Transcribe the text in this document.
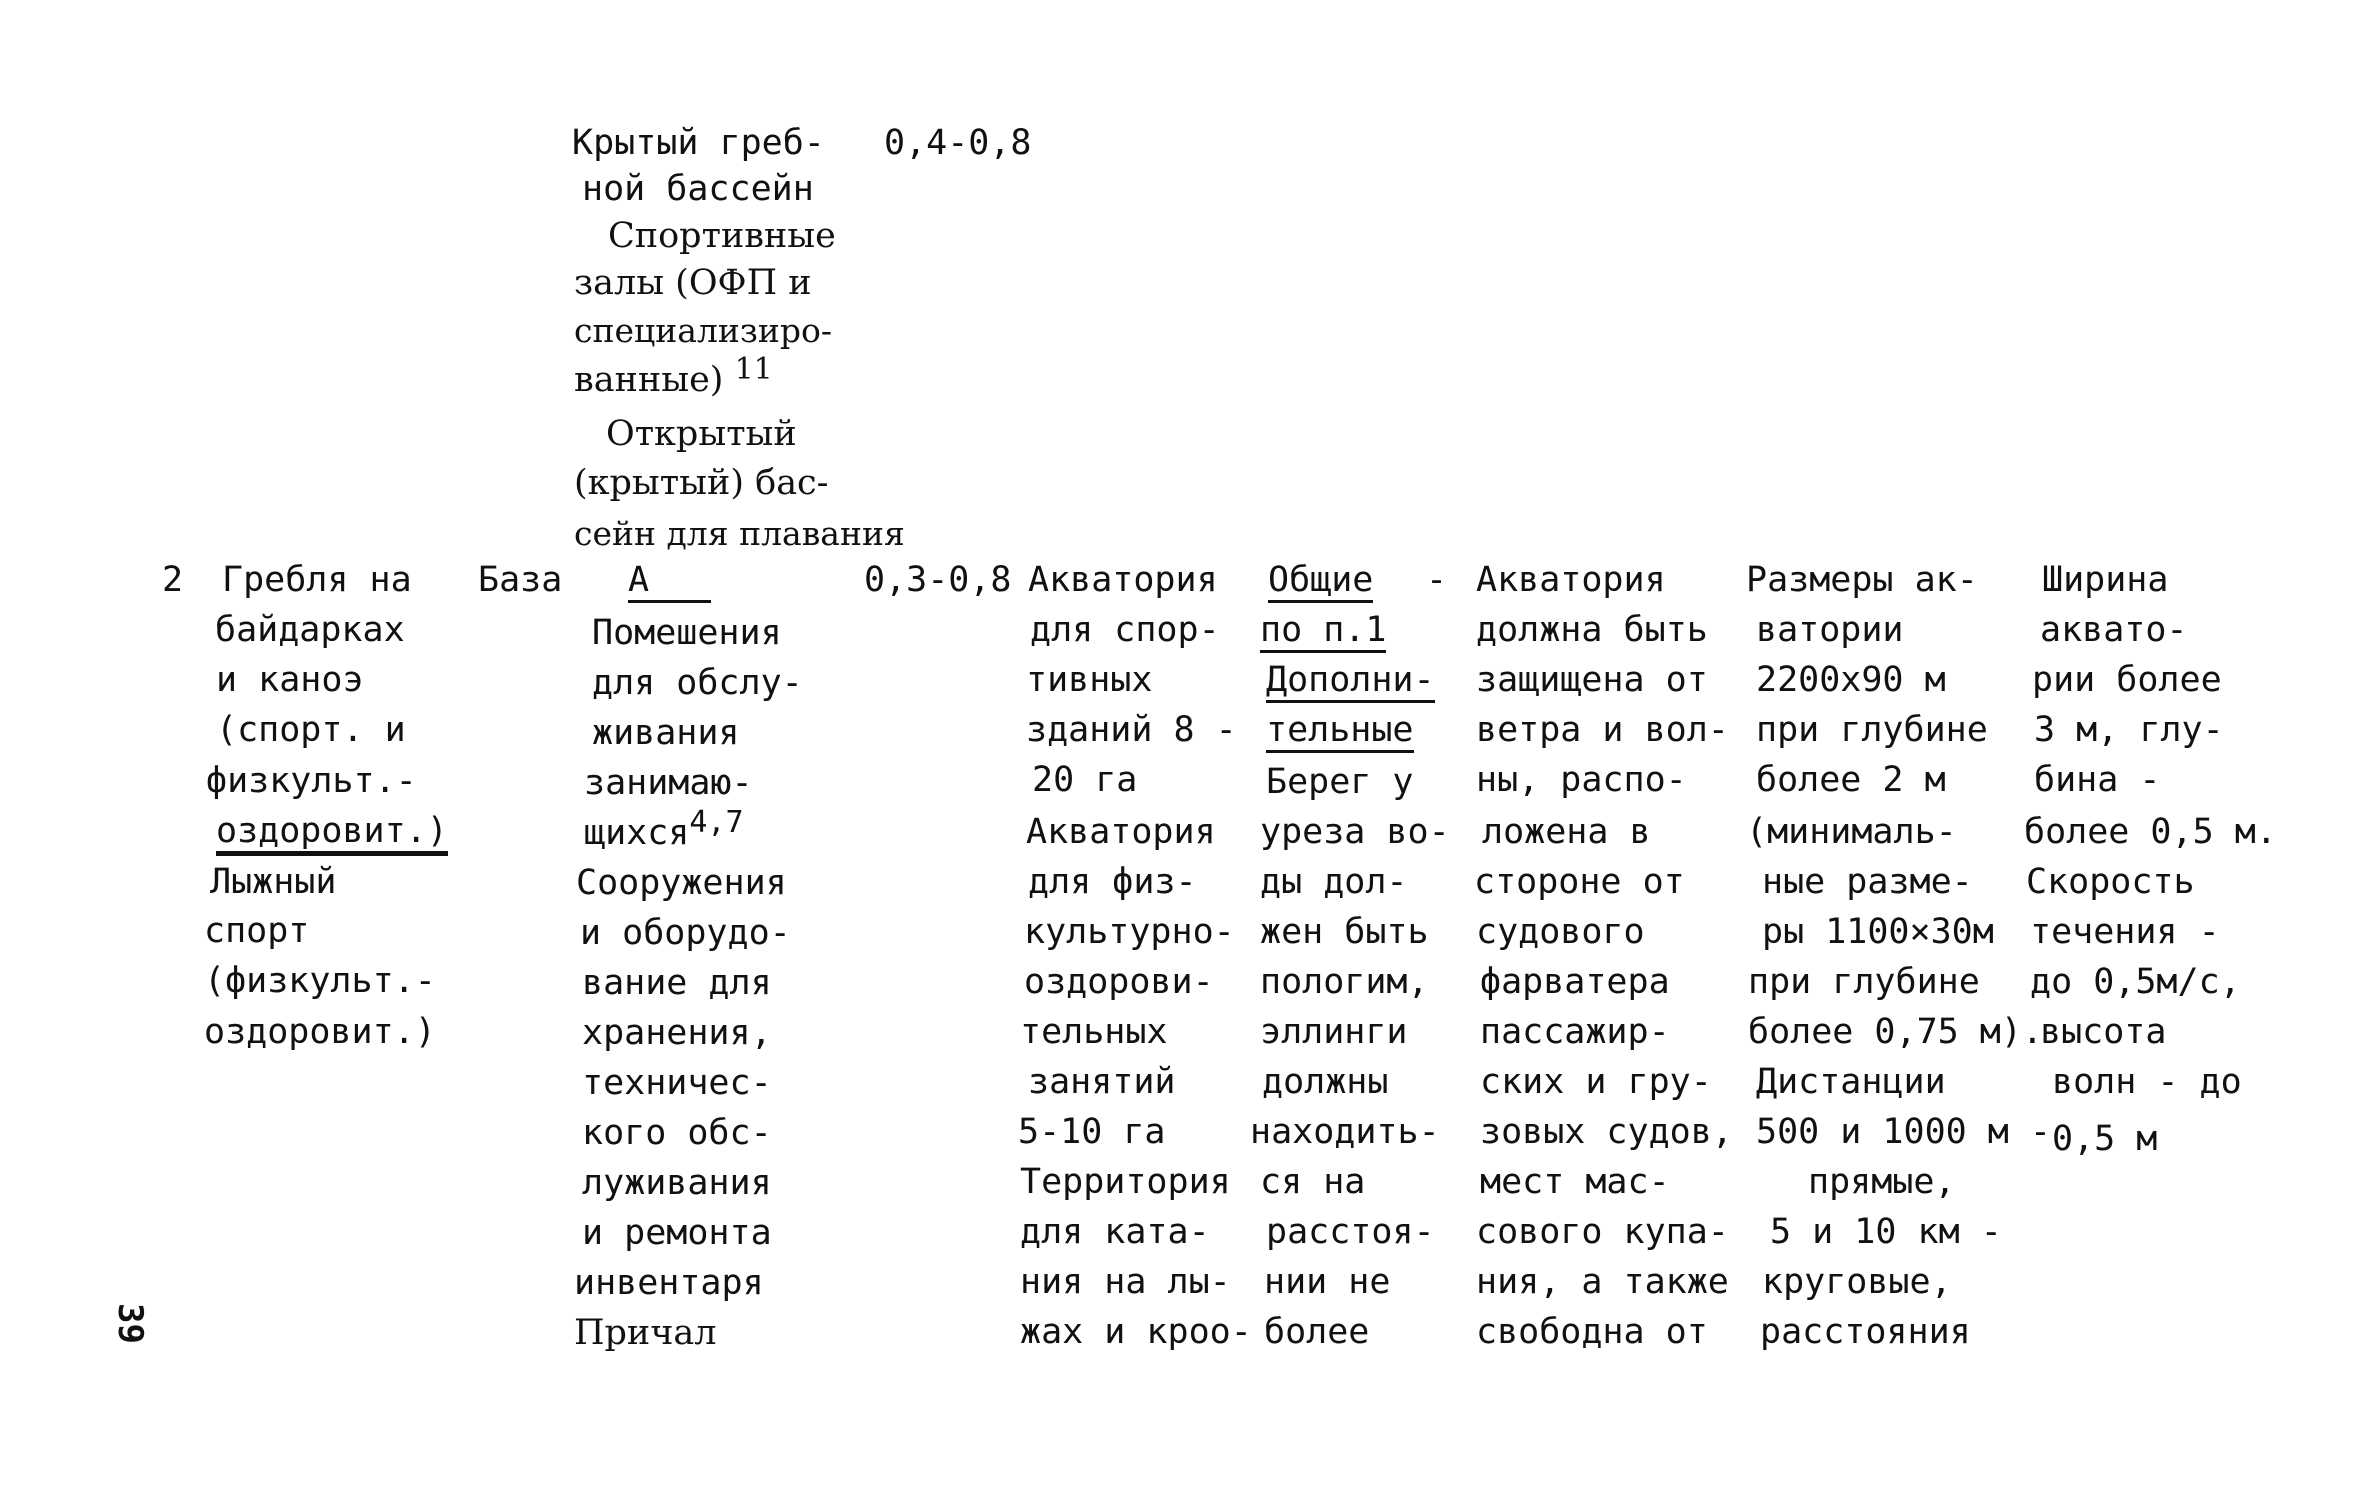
Крытый греб-
ной бассейн
Спортивные
залы (ОФП и
специализиро-
ванные) 11
Открытый
(крытый) бас-
сейн для плавания
0,4-0,8
2 Гребля на
байдарках
и каноэ
(спорт. и
физкульт.-
оздоровит.)
Лыжный
спорт
(физкульт.-
оздоровит.)
База А
Помешения
для обслу-
живания
занимаю-
щихся4,7
Сооружения
и оборудо-
вание для
хранения,
техничес-
кого обс-
луживания
и ремонта
инвентаря
Причал
0,3-0,8 Акватория
для спор-
тивных
зданий 8 -
20 га
Акватория
для физ-
культурно-
оздорови-
тельных
занятий
5-10 га
Территория
для ката-
ния на лы-
жах и кроо-
Общие -
по п.1
Дополни-
тельные
Берег у
уреза во-
ды дол-
жен быть
пологим,
эллинги
должны
находить-
ся на
расстоя-
нии не
более
Акватория
должна быть
защищена от
ветра и вол-
ны, распо-
ложена в
стороне от
судового
фарватера
пассажир-
ских и гру-
зовых судов,
мест мас-
сового купа-
ния, а также
свободна от
Размеры ак-
ватории
2200х90 м
при глубине
более 2 м
(минималь-
ные разме-
ры 1100×30м
при глубине
более 0,75 м).
Дистанции
500 и 1000 м -
прямые,
5 и 10 км -
круговые,
расстояния
Ширина
аквато-
рии более
3 м, глу-
бина -
более 0,5 м.
Скорость
течения -
до 0,5м/с,
высота
волн - до
0,5 м
39
